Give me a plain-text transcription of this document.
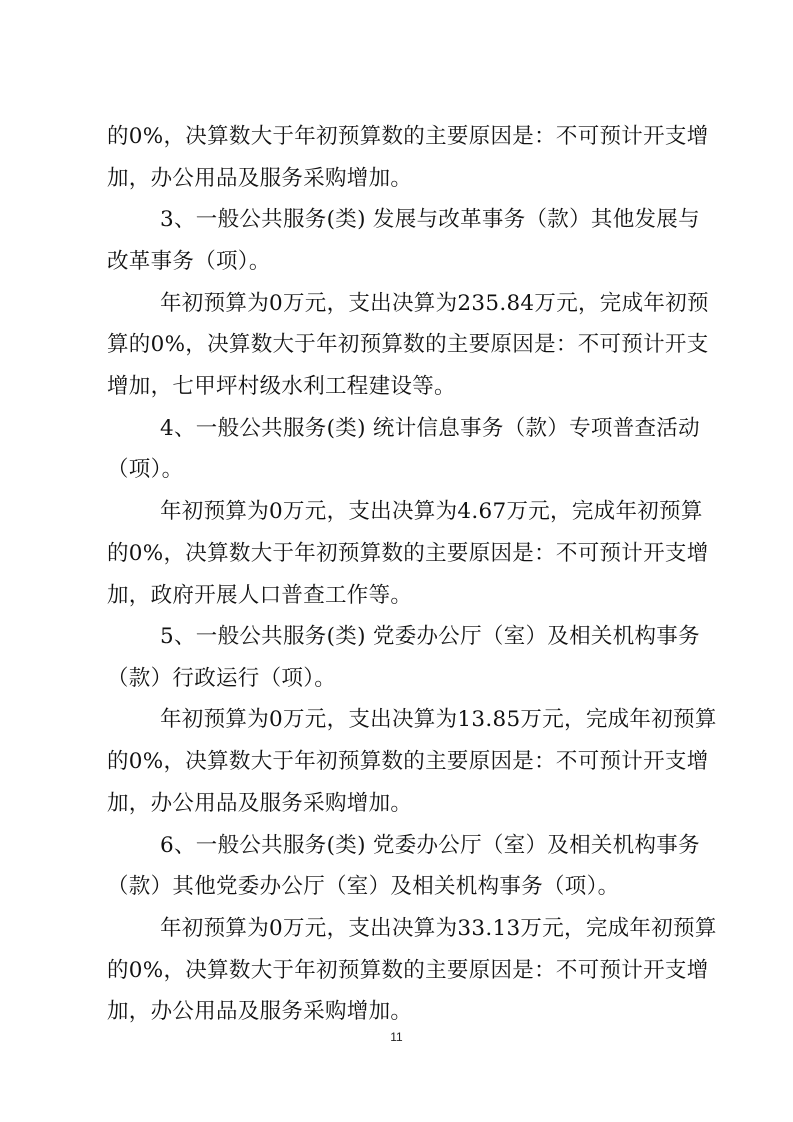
的0%，决算数大于年初预算数的主要原因是：不可预计开支增
加，办公用品及服务采购增加。
3、一般公共服务(类) 发展与改革事务（款）其他发展与
改革事务（项）。
年初预算为0万元，支出决算为235.84万元，完成年初预
算的0%，决算数大于年初预算数的主要原因是：不可预计开支
增加，七甲坪村级水利工程建设等。
4、一般公共服务(类) 统计信息事务（款）专项普查活动
（项）。
年初预算为0万元，支出决算为4.67万元，完成年初预算
的0%，决算数大于年初预算数的主要原因是：不可预计开支增
加，政府开展人口普查工作等。
5、一般公共服务(类) 党委办公厅（室）及相关机构事务
（款）行政运行（项）。
年初预算为0万元，支出决算为13.85万元，完成年初预算
的0%，决算数大于年初预算数的主要原因是：不可预计开支增
加，办公用品及服务采购增加。
6、一般公共服务(类) 党委办公厅（室）及相关机构事务
（款）其他党委办公厅（室）及相关机构事务（项）。
年初预算为0万元，支出决算为33.13万元，完成年初预算
的0%，决算数大于年初预算数的主要原因是：不可预计开支增
加，办公用品及服务采购增加。
11
